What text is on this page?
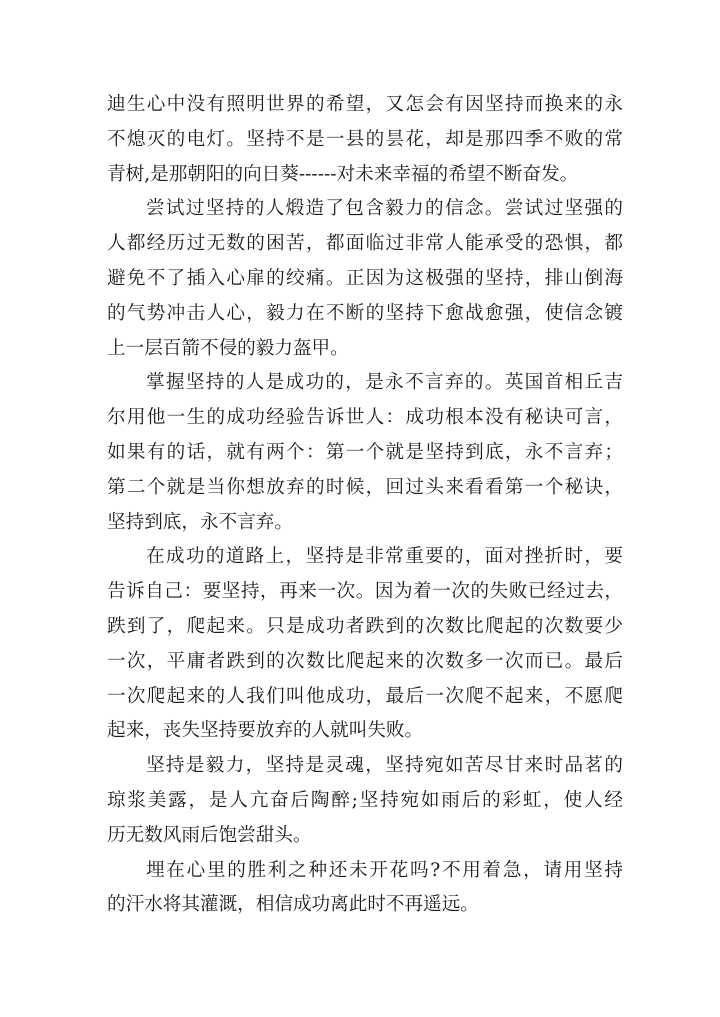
迪生心中没有照明世界的希望，又怎会有因坚持而换来的永
不熄灭的电灯。坚持不是一县的昙花，却是那四季不败的常
青树,是那朝阳的向日葵------对未来幸福的希望不断奋发。
尝试过坚持的人煅造了包含毅力的信念。尝试过坚强的
人都经历过无数的困苦，都面临过非常人能承受的恐惧，都
避免不了插入心扉的绞痛。正因为这极强的坚持，排山倒海
的气势冲击人心，毅力在不断的坚持下愈战愈强，使信念镀
上一层百箭不侵的毅力盔甲。
掌握坚持的人是成功的，是永不言弃的。英国首相丘吉
尔用他一生的成功经验告诉世人：成功根本没有秘诀可言，
如果有的话，就有两个：第一个就是坚持到底，永不言弃；
第二个就是当你想放弃的时候，回过头来看看第一个秘诀，
坚持到底，永不言弃。
在成功的道路上，坚持是非常重要的，面对挫折时，要
告诉自己：要坚持，再来一次。因为着一次的失败已经过去，
跌到了，爬起来。只是成功者跌到的次数比爬起的次数要少
一次，平庸者跌到的次数比爬起来的次数多一次而已。最后
一次爬起来的人我们叫他成功，最后一次爬不起来，不愿爬
起来，丧失坚持要放弃的人就叫失败。
坚持是毅力，坚持是灵魂，坚持宛如苦尽甘来时品茗的
琼浆美露，是人亢奋后陶醉;坚持宛如雨后的彩虹，使人经
历无数风雨后饱尝甜头。
埋在心里的胜利之种还未开花吗?不用着急，请用坚持
的汗水将其灌溉，相信成功离此时不再遥远。
